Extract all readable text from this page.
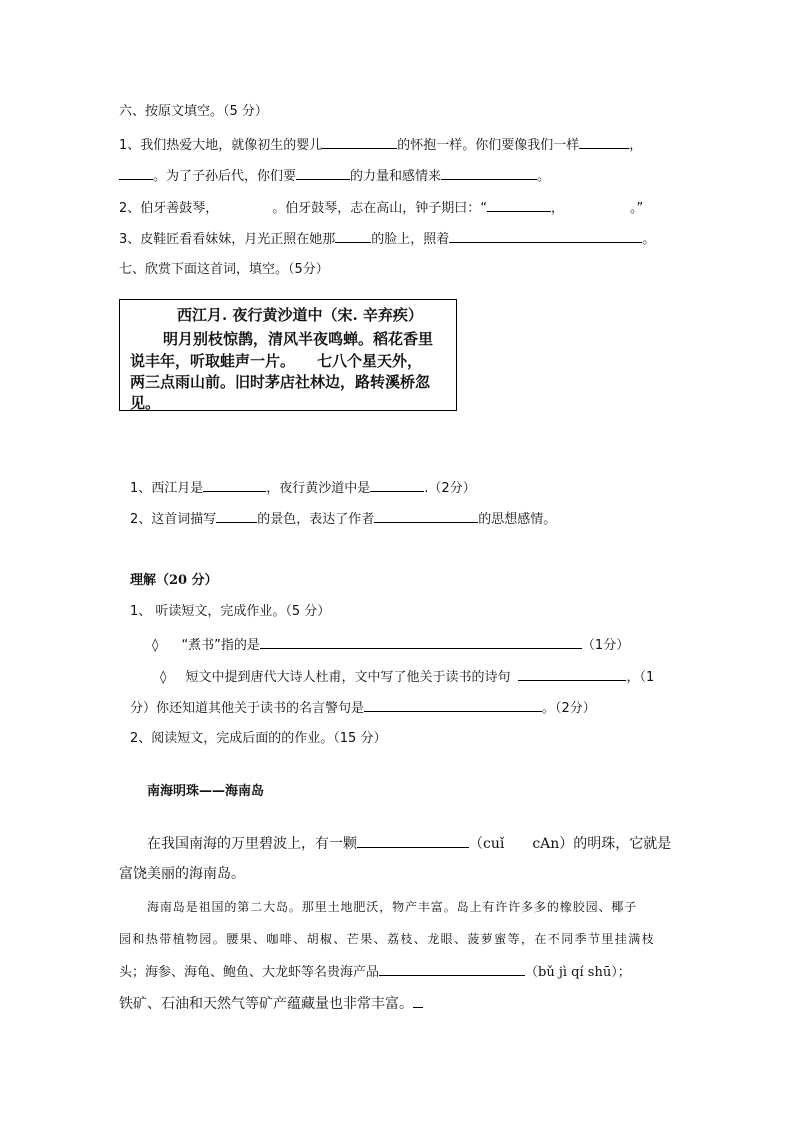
六、按原文填空。（5 分）
1、我们热爱大地，就像初生的婴儿	的怀抱一样。你们要像我们一样	，
。为了子孙后代，你们要	的力量和感情来	。
2、伯牙善鼓琴，	。伯牙鼓琴，志在高山，钟子期曰：“	，	。”
3、皮鞋匠看看妹妹，月光正照在她那	的脸上，照着	。
七、欣赏下面这首词，填空。（5分）
西江月. 夜行黄沙道中（宋. 辛弃疾）
明月别枝惊鹊，清风半夜鸣蝉。稻花香里
说丰年，听取蛙声一片。 七八个星天外，
两三点雨山前。旧时茅店社林边，路转溪桥忽
见。
1、西江月是	，夜行黄沙道中是	.（2分）
2、这首词描写	的景色，表达了作者	的思想感情。
理解（20 分）
1、 听读短文，完成作业。（5 分）
◊ “煮书”指的是	（1分）
◊ 短文中提到唐代大诗人杜甫，文中写了他关于读书的诗句	，（1
分）你还知道其他关于读书的名言警句是	。（2分）
2、阅读短文，完成后面的的作业。（15 分）
南海明珠——海南岛
在我国南海的万里碧波上，有一颗	（cuǐ cAn）的明珠，它就是
富饶美丽的海南岛。
海南岛是祖国的第二大岛。那里土地肥沃，物产丰富。岛上有许许多多的橡胶园、椰子
园和热带植物园。腰果、咖啡、胡椒、芒果、荔枝、龙眼、菠萝蜜等，在不同季节里挂满枝
头；海参、海龟、鲍鱼、大龙虾等名贵海产品	（bǔ jì qí shū）；
铁矿、石油和天然气等矿产蕴藏量也非常丰富。
